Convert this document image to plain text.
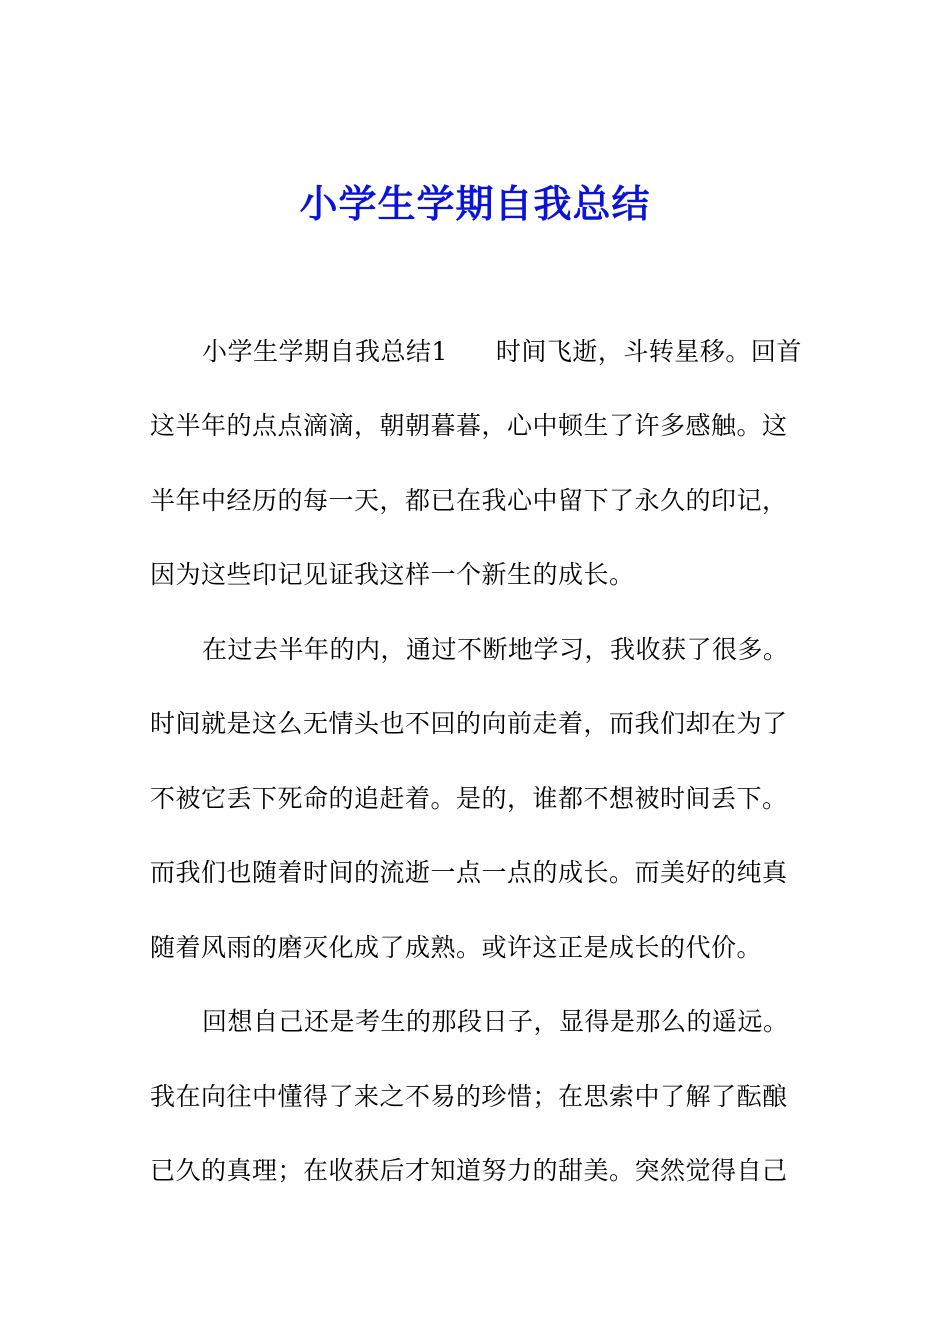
小学生学期自我总结

小学生学期自我总结1 时间飞逝，斗转星移。回首

这半年的点点滴滴，朝朝暮暮，心中顿生了许多感触。这

半年中经历的每一天，都已在我心中留下了永久的印记，

因为这些印记见证我这样一个新生的成长。

在过去半年的内，通过不断地学习，我收获了很多。

时间就是这么无情头也不回的向前走着，而我们却在为了

不被它丢下死命的追赶着。是的，谁都不想被时间丢下。

而我们也随着时间的流逝一点一点的成长。而美好的纯真

随着风雨的磨灭化成了成熟。或许这正是成长的代价。

回想自己还是考生的那段日子，显得是那么的遥远。

我在向往中懂得了来之不易的珍惜；在思索中了解了酝酿

已久的真理；在收获后才知道努力的甜美。突然觉得自己
